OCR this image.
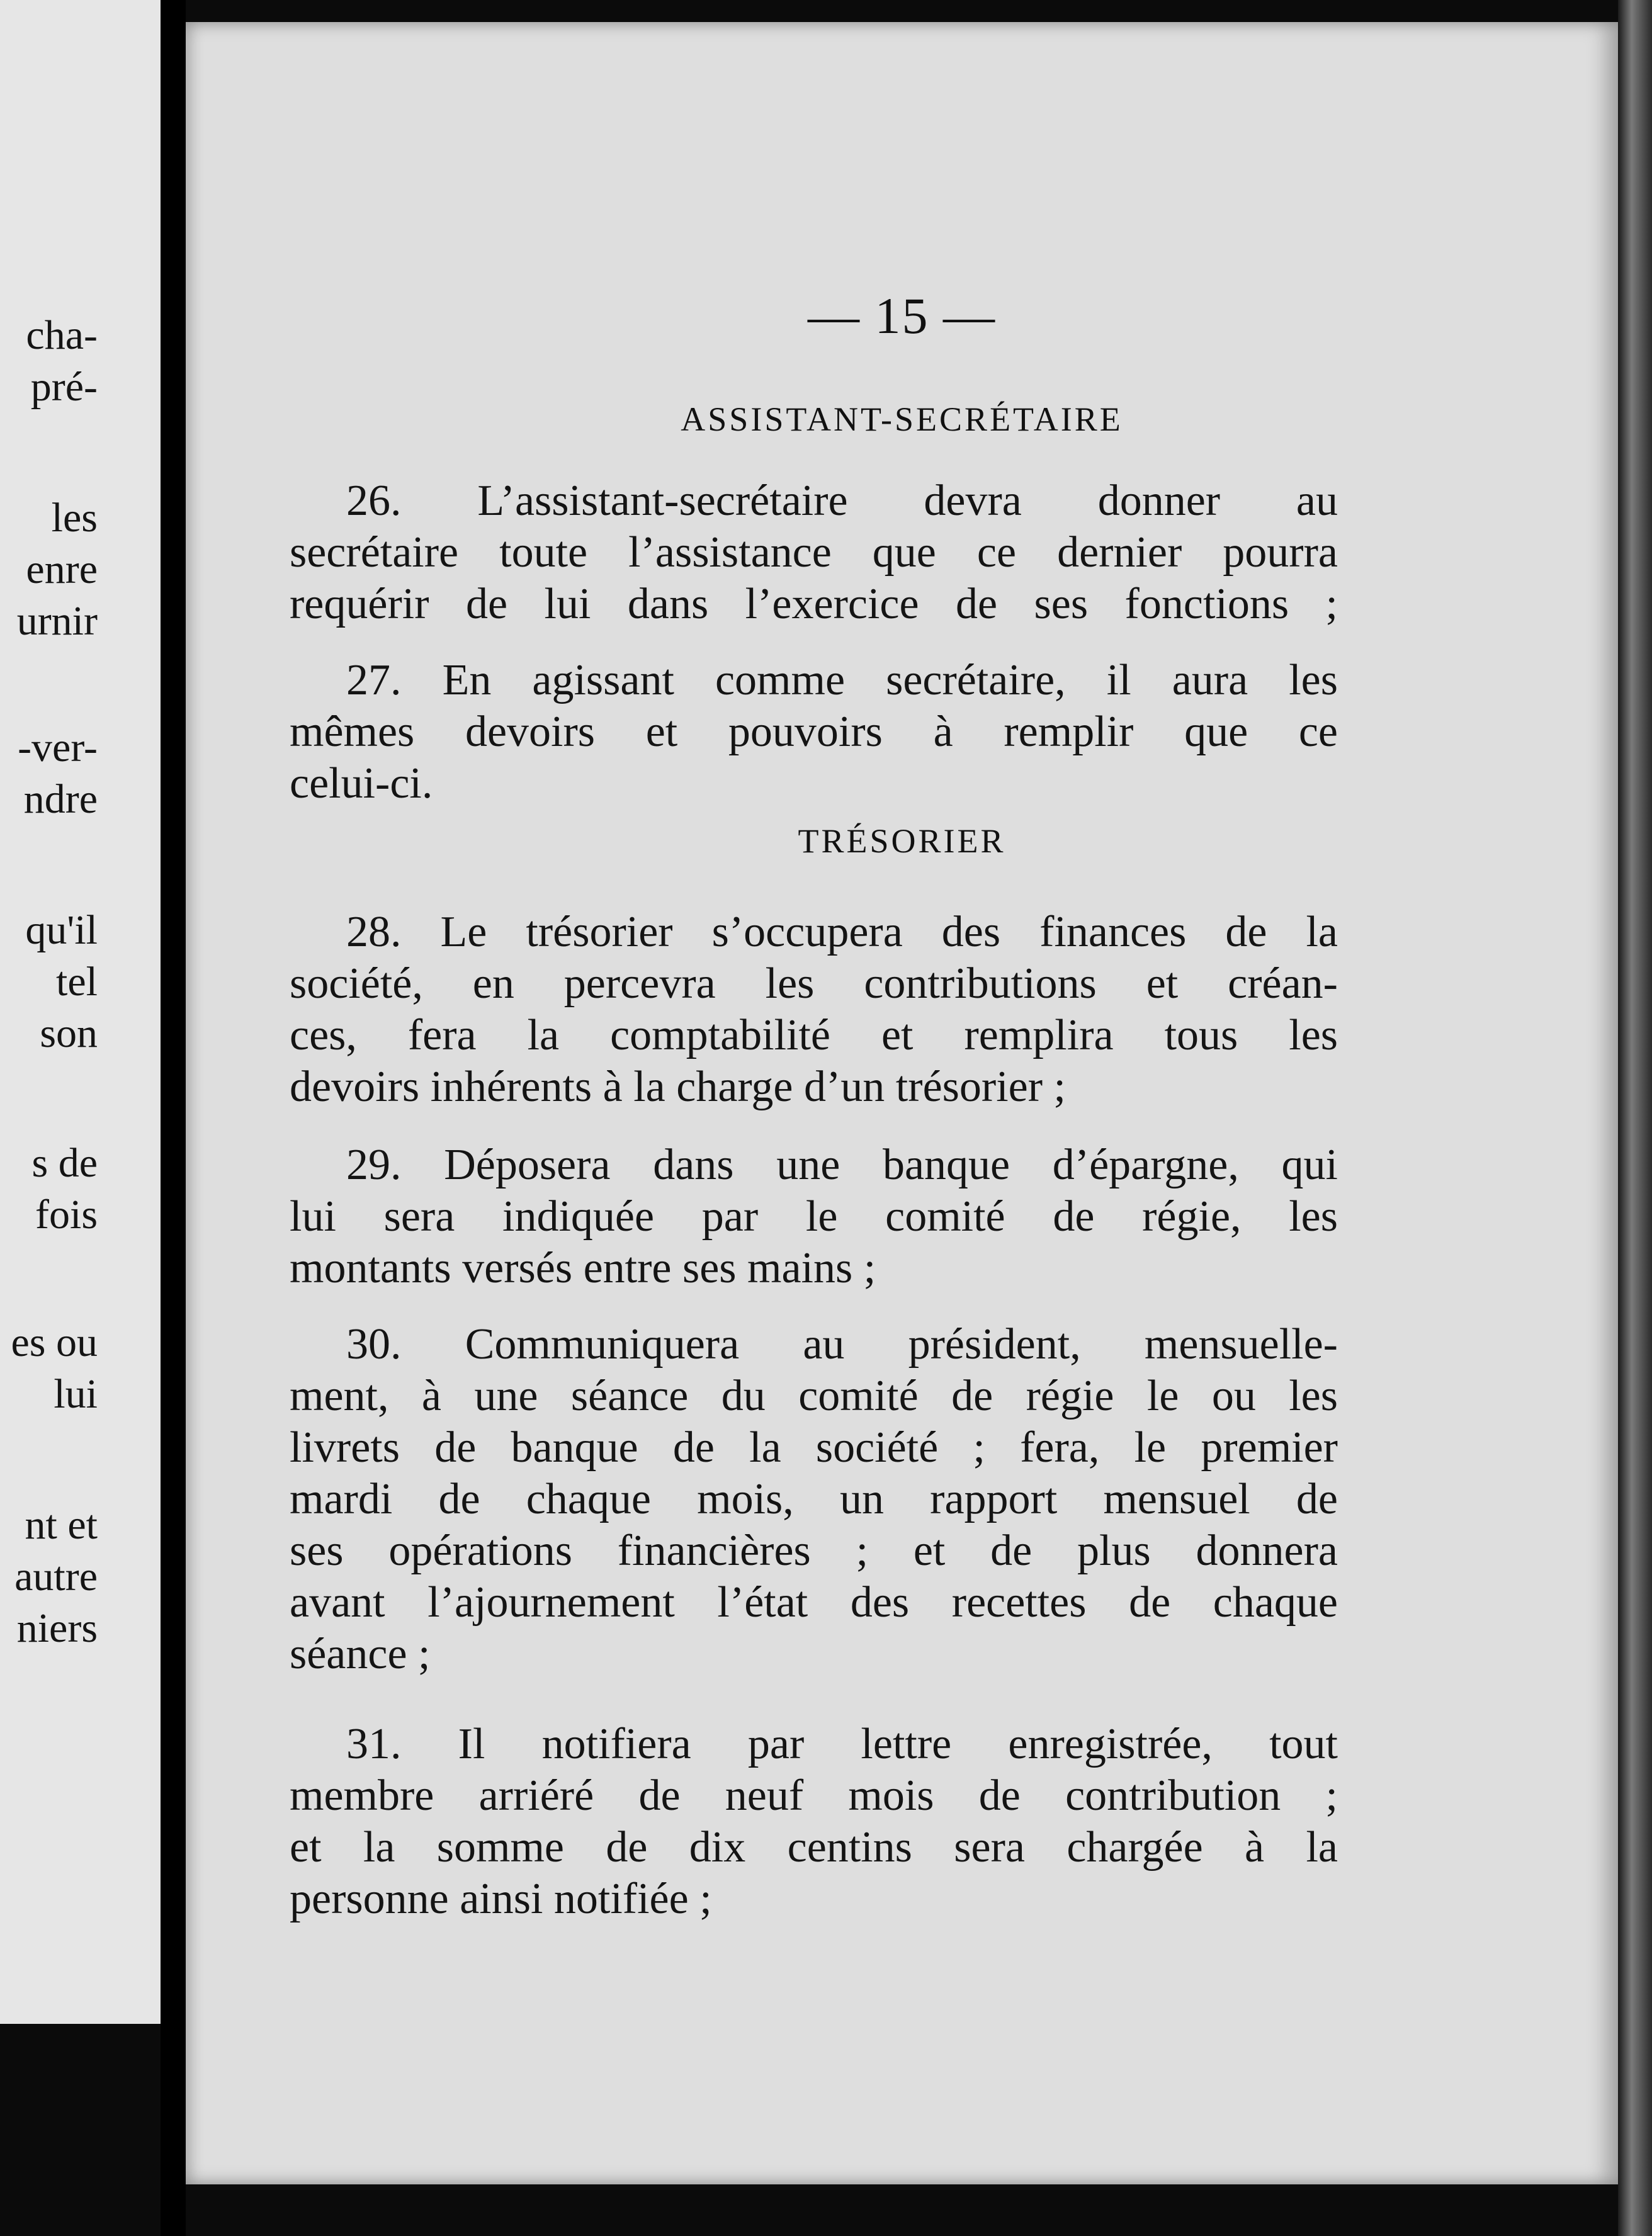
cha-
pré-
les
enre
urnir
-ver-
ndre
qu'il
tel
son
s de
fois
es ou
lui
nt et
autre
niers
— 15 —
ASSISTANT-SECRÉTAIRE
26. L’assistant-secrétaire devra donner au
secrétaire toute l’assistance que ce dernier pourra
requérir de lui dans l’exercice de ses fonctions ;
27. En agissant comme secrétaire, il aura les
mêmes devoirs et pouvoirs à remplir que ce
celui-ci.
TRÉSORIER
28. Le trésorier s’occupera des finances de la
société, en percevra les contributions et créan-
ces, fera la comptabilité et remplira tous les
devoirs inhérents à la charge d’un trésorier ;
29. Déposera dans une banque d’épargne, qui
lui sera indiquée par le comité de régie, les
montants versés entre ses mains ;
30. Communiquera au président, mensuelle-
ment, à une séance du comité de régie le ou les
livrets de banque de la société ; fera, le premier
mardi de chaque mois, un rapport mensuel de
ses opérations financières ; et de plus donnera
avant l’ajournement l’état des recettes de chaque
séance ;
31. Il notifiera par lettre enregistrée, tout
membre arriéré de neuf mois de contribution ;
et la somme de dix centins sera chargée à la
personne ainsi notifiée ;
